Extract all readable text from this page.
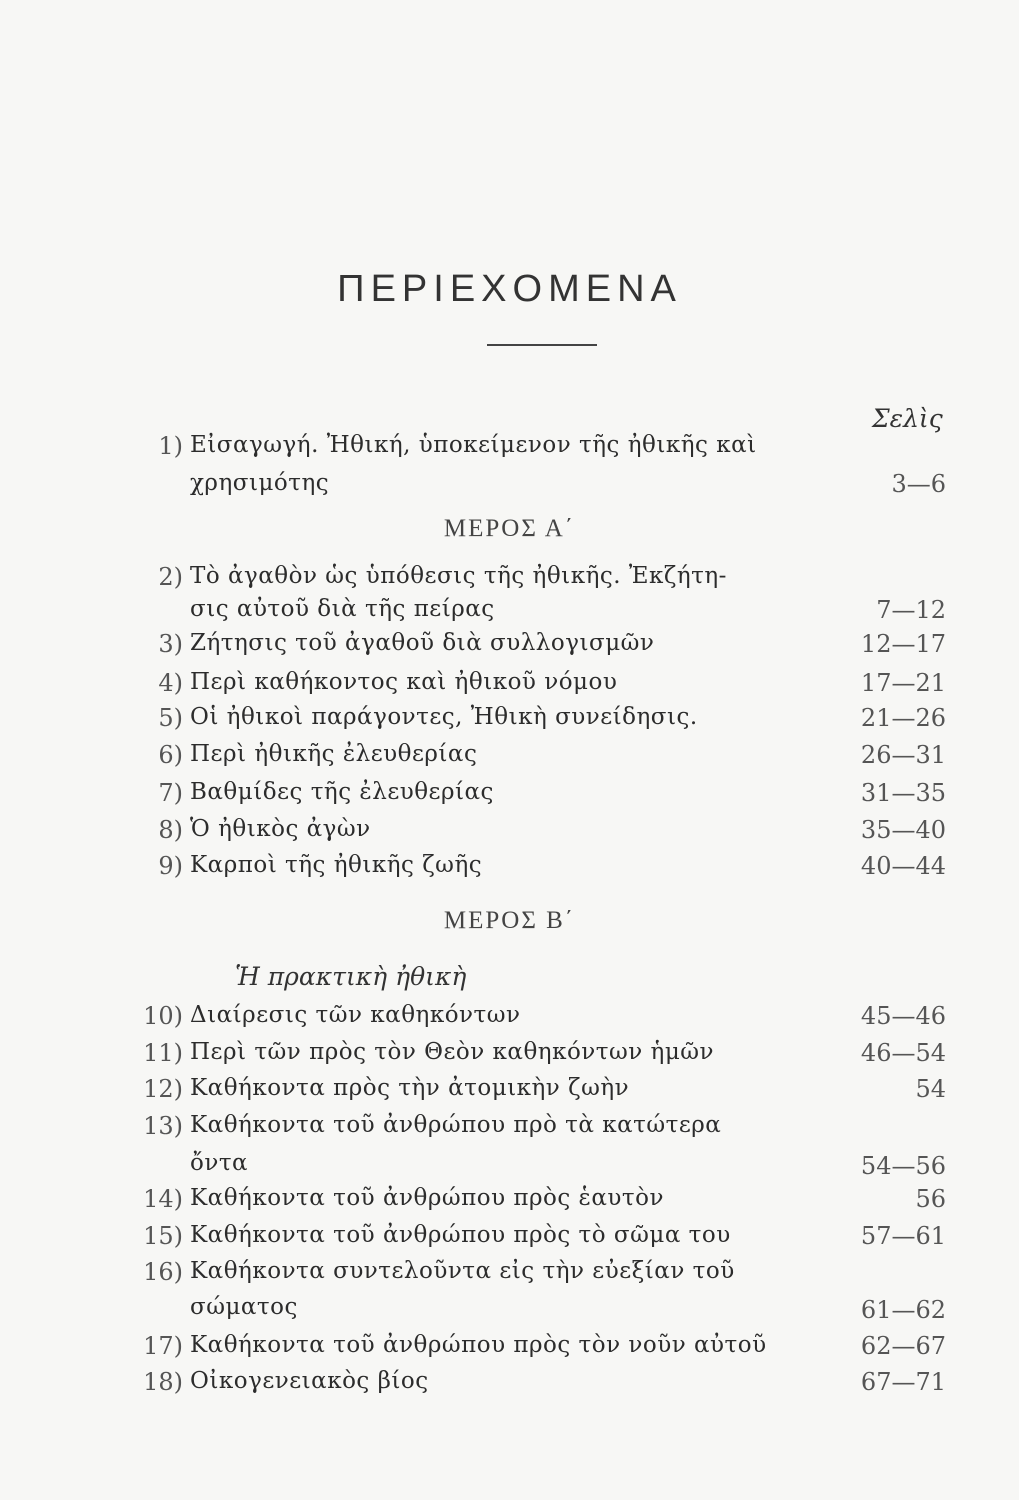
ΠΕΡΙΕΧΟΜΕΝΑ
Σελὶς
1) Εἰσαγωγή. Ἠθική, ὑποκείμενον τῆς ἠθικῆς καὶ
χρησιμότης	3—6
ΜΕΡΟΣ Α΄
2) Τὸ ἀγαθὸν ὡς ὑπόθεσις τῆς ἠθικῆς. Ἐκζήτη-
σις αὐτοῦ διὰ τῆς πείρας	7—12
3) Ζήτησις τοῦ ἀγαθοῦ διὰ συλλογισμῶν	12—17
4) Περὶ καθήκοντος καὶ ἠθικοῦ νόμου	17—21
5) Οἱ ἠθικοὶ παράγοντες, Ἠθικὴ συνείδησις.	21—26
6) Περὶ ἠθικῆς ἐλευθερίας	26—31
7) Βαθμίδες τῆς ἐλευθερίας	31—35
8) Ὁ ἠθικὸς ἀγὼν	35—40
9) Καρποὶ τῆς ἠθικῆς ζωῆς	40—44
ΜΕΡΟΣ Β΄
Ἡ πρακτικὴ ἠθικὴ
10) Διαίρεσις τῶν καθηκόντων	45—46
11) Περὶ τῶν πρὸς τὸν Θεὸν καθηκόντων ἡμῶν	46—54
12) Καθήκοντα πρὸς τὴν ἀτομικὴν ζωὴν	54
13) Καθήκοντα τοῦ ἀνθρώπου πρὸ τὰ κατώτερα
ὄντα	54—56
14) Καθήκοντα τοῦ ἀνθρώπου πρὸς ἑαυτὸν	56
15) Καθήκοντα τοῦ ἀνθρώπου πρὸς τὸ σῶμα του	57—61
16) Καθήκοντα συντελοῦντα εἰς τὴν εὐεξίαν τοῦ
σώματος	61—62
17) Καθήκοντα τοῦ ἀνθρώπου πρὸς τὸν νοῦν αὐτοῦ	62—67
18) Οἰκογενειακὸς βίος	67—71
